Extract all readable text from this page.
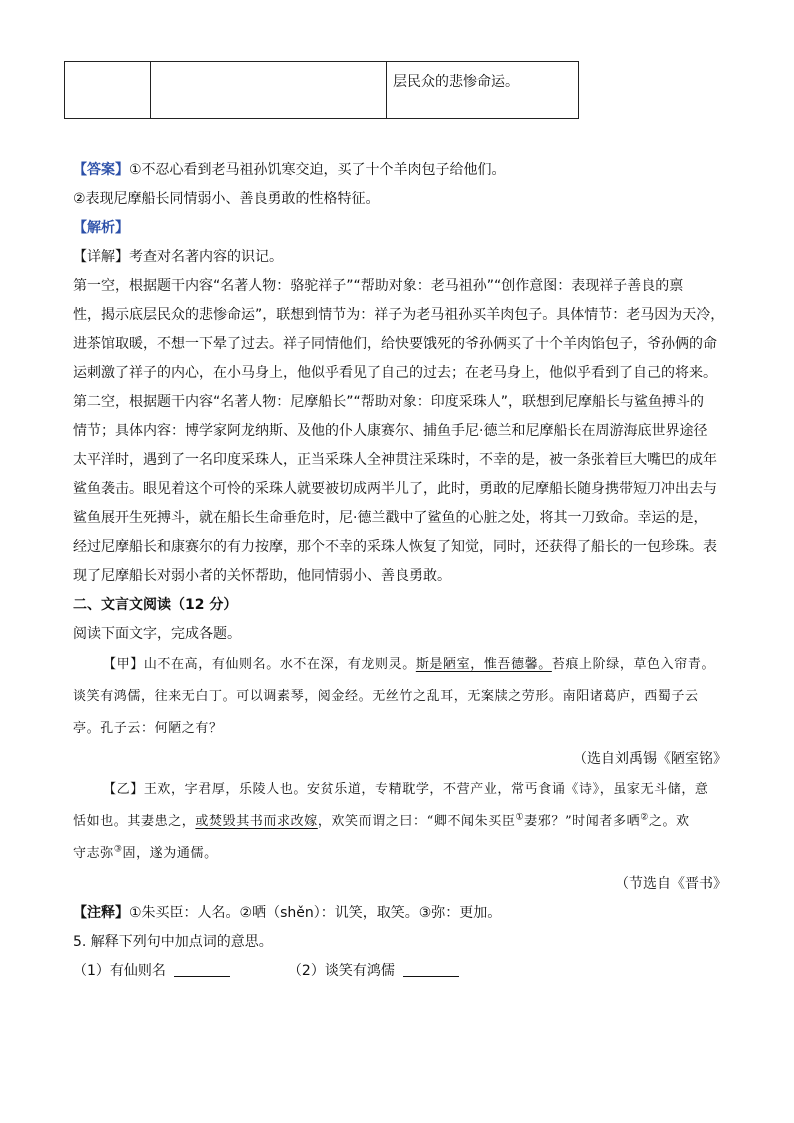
		层民众的悲惨命运。
【答案】①不忍心看到老马祖孙饥寒交迫，买了十个羊肉包子给他们。
②表现尼摩船长同情弱小、善良勇敢的性格特征。
【解析】
【详解】考查对名著内容的识记。
第一空，根据题干内容“名著人物：骆驼祥子”“帮助对象：老马祖孙”“创作意图：表现祥子善良的禀
性，揭示底层民众的悲惨命运”，联想到情节为：祥子为老马祖孙买羊肉包子。具体情节：老马因为天冷，
进茶馆取暖，不想一下晕了过去。祥子同情他们，给快要饿死的爷孙俩买了十个羊肉馅包子，爷孙俩的命
运刺激了祥子的内心，在小马身上，他似乎看见了自己的过去；在老马身上，他似乎看到了自己的将来。
第二空，根据题干内容“名著人物：尼摩船长”“帮助对象：印度采珠人”，联想到尼摩船长与鲨鱼搏斗的
情节；具体内容：博学家阿龙纳斯、及他的仆人康赛尔、捕鱼手尼·德兰和尼摩船长在周游海底世界途径
太平洋时，遇到了一名印度采珠人，正当采珠人全神贯注采珠时，不幸的是，被一条张着巨大嘴巴的成年
鲨鱼袭击。眼见着这个可怜的采珠人就要被切成两半儿了，此时，勇敢的尼摩船长随身携带短刀冲出去与
鲨鱼展开生死搏斗，就在船长生命垂危时，尼·德兰戳中了鲨鱼的心脏之处，将其一刀致命。幸运的是，
经过尼摩船长和康赛尔的有力按摩，那个不幸的采珠人恢复了知觉，同时，还获得了船长的一包珍珠。表
现了尼摩船长对弱小者的关怀帮助，他同情弱小、善良勇敢。
二、文言文阅读（12 分）
阅读下面文字，完成各题。
【甲】山不在高，有仙则名。水不在深，有龙则灵。斯是陋室，惟吾德馨。苔痕上阶绿，草色入帘青。
谈笑有鸿儒，往来无白丁。可以调素琴，阅金经。无丝竹之乱耳，无案牍之劳形。南阳诸葛庐，西蜀子云
亭。孔子云：何陋之有？
（选自刘禹锡《陋室铭》
【乙】王欢，字君厚，乐陵人也。安贫乐道，专精耽学，不营产业，常丐食诵《诗》，虽家无斗储，意
恬如也。其妻患之，或焚毁其书而求改嫁，欢笑而谓之曰：“卿不闻朱买臣①妻邪？”时闻者多哂②之。欢
守志弥③固，遂为通儒。
（节选自《晋书》
【注释】①朱买臣：人名。②哂（shěn）：讥笑，取笑。③弥：更加。
5. 解释下列句中加点词的意思。
（1）有仙则名	（2）谈笑有鸿儒
